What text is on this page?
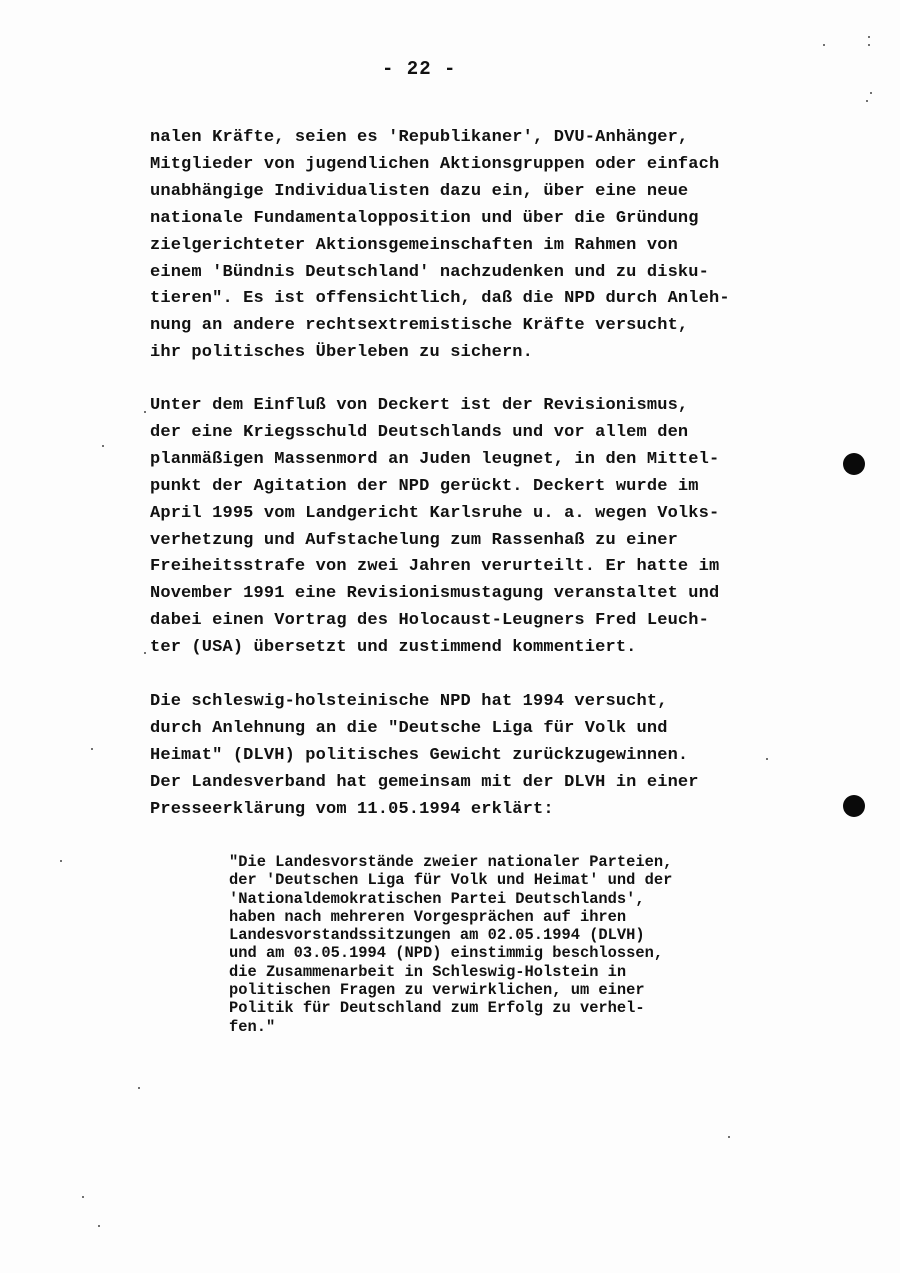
- 22 -
nalen Kräfte, seien es 'Republikaner', DVU-Anhänger,
Mitglieder von jugendlichen Aktionsgruppen oder einfach
unabhängige Individualisten dazu ein, über eine neue
nationale Fundamentalopposition und über die Gründung
zielgerichteter Aktionsgemeinschaften im Rahmen von
einem 'Bündnis Deutschland' nachzudenken und zu disku-
tieren". Es ist offensichtlich, daß die NPD durch Anleh-
nung an andere rechtsextremistische Kräfte versucht,
ihr politisches Überleben zu sichern.
Unter dem Einfluß von Deckert ist der Revisionismus,
der eine Kriegsschuld Deutschlands und vor allem den
planmäßigen Massenmord an Juden leugnet, in den Mittel-
punkt der Agitation der NPD gerückt. Deckert wurde im
April 1995 vom Landgericht Karlsruhe u. a. wegen Volks-
verhetzung und Aufstachelung zum Rassenhaß zu einer
Freiheitsstrafe von zwei Jahren verurteilt. Er hatte im
November 1991 eine Revisionismustagung veranstaltet und
dabei einen Vortrag des Holocaust-Leugners Fred Leuch-
ter (USA) übersetzt und zustimmend kommentiert.
Die schleswig-holsteinische NPD hat 1994 versucht,
durch Anlehnung an die "Deutsche Liga für Volk und
Heimat" (DLVH) politisches Gewicht zurückzugewinnen.
Der Landesverband hat gemeinsam mit der DLVH in einer
Presseerklärung vom 11.05.1994 erklärt:
"Die Landesvorstände zweier nationaler Parteien,
der 'Deutschen Liga für Volk und Heimat' und der
'Nationaldemokratischen Partei Deutschlands',
haben nach mehreren Vorgesprächen auf ihren
Landesvorstandssitzungen am 02.05.1994 (DLVH)
und am 03.05.1994 (NPD) einstimmig beschlossen,
die Zusammenarbeit in Schleswig-Holstein in
politischen Fragen zu verwirklichen, um einer
Politik für Deutschland zum Erfolg zu verhel-
fen."
